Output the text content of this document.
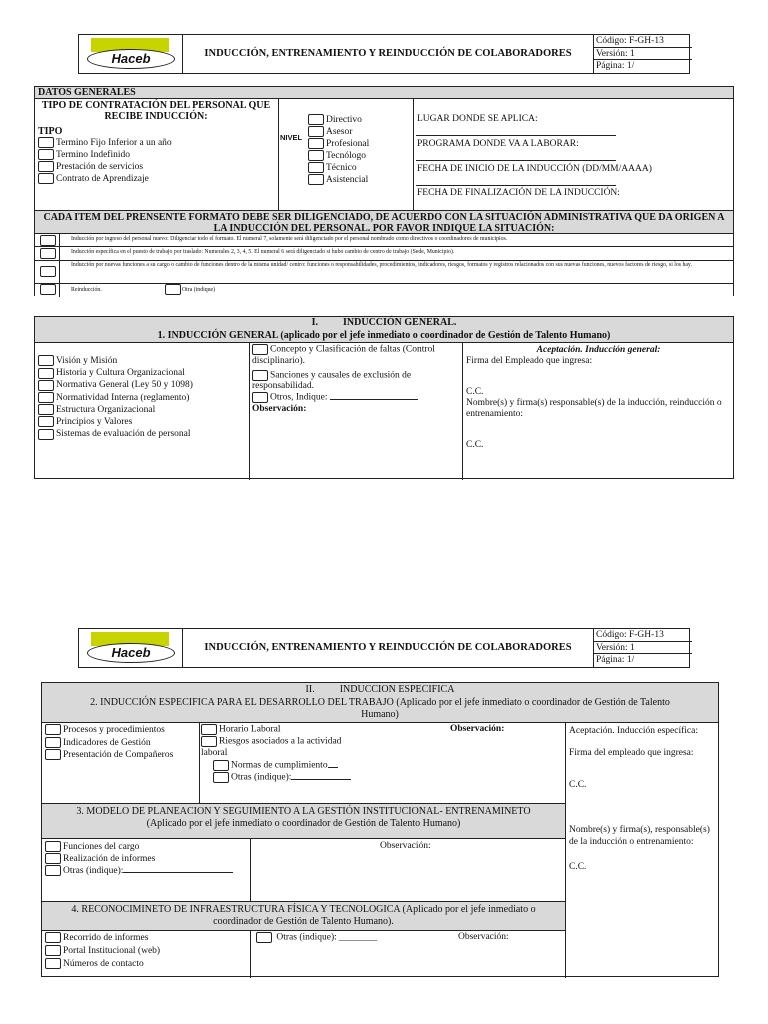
Haceb	INDUCCIÓN, ENTRENAMIENTO Y REINDUCCIÓN DE COLABORADORES
Código: F-GH-13
Versión: 1
Página: 1/
DATOS GENERALES
TIPO DE CONTRATACIÓN DEL PERSONAL QUE RECIBE INDUCCIÓN:
TIPO
Termino Fijo Inferior a un año
Termino Indefinido
Prestación de servicios
Contrato de Aprendizaje
NIVEL
Directivo
Asesor
Profesional
Tecnólogo
Técnico
Asistencial
LUGAR DONDE SE APLICA:
PROGRAMA DONDE VA A LABORAR:
FECHA DE INICIO DE LA INDUCCIÓN (DD/MM/AAAA)
FECHA DE FINALIZACIÓN DE LA INDUCCIÓN:
CADA ITEM DEL PRENSENTE FORMATO DEBE SER DILIGENCIADO, DE ACUERDO CON LA SITUACIÓN ADMINISTRATIVA QUE DA ORIGEN A LA INDUCCIÓN DEL PERSONAL. POR FAVOR INDIQUE LA SITUACIÓN:
Inducción por ingreso del personal nuevo: Diligenciar todo el formato. El numeral 7, solamente será diligenciado por el personal nombrado como directivos o coordinadores de municipios.
Inducción específica en el puesto de trabajo por traslado: Numerales 2, 3, 4, 5. El numeral 6 será diligenciado si hubo cambio de centro de trabajo (Sede, Municipio).
Inducción por nuevas funciones a su cargo o cambio de funciones dentro de la misma unidad/ centro: funciones o responsabilidades, procedimientos, indicadores, riesgos, formatos y registros relacionados con sus nuevas funciones, nuevos factores de riesgo, si los hay.
Reinducción.	Otra (indique)
I.	INDUCCIÓN GENERAL.
1. INDUCCIÓN GENERAL (aplicado por el jefe inmediato o coordinador de Gestión de Talento Humano)
Visión y Misión
Historia y Cultura Organizacional
Normativa General (Ley 50 y 1098)
Normatividad Interna (reglamento)
Estructura Organizacional
Principios y Valores
Sistemas de evaluación de personal
Concepto y Clasificación de faltas (Control disciplinario).
Sanciones y causales de exclusión de responsabilidad.
Otros, Indique:
Observación:
Aceptación. Inducción general:
Firma del Empleado que ingresa:
C.C.
Nombre(s) y firma(s) responsable(s) de la inducción, reinducción o entrenamiento:
C.C.
Haceb	INDUCCIÓN, ENTRENAMIENTO Y REINDUCCIÓN DE COLABORADORES
Código: F-GH-13
Versión: 1
Página: 1/
II.	INDUCCION ESPECIFICA
2. INDUCCIÓN ESPECIFICA PARA EL DESARROLLO DEL TRABAJO (Aplicado por el jefe inmediato o coordinador de Gestión de Talento Humano)
Procesos y procedimientos
Indicadores de Gestión
Presentación de Compañeros
Horario Laboral
Riesgos asociados a la actividad laboral
Normas de cumplimiento
Otras (indique):
Observación:
3. MODELO DE PLANEACION Y SEGUIMIENTO A LA GESTIÓN INSTITUCIONAL- ENTRENAMINETO (Aplicado por el jefe inmediato o coordinador de Gestión de Talento Humano)
Funciones del cargo
Realización de informes
Otras (indique):
Observación:
4. RECONOCIMINETO DE INFRAESTRUCTURA FÍSICA Y TECNOLOGICA (Aplicado por el jefe inmediato o coordinador de Gestión de Talento Humano).
Recorrido de informes
Portal Institucional (web)
Números de contacto
Otras (indique): ________	Observación:
Aceptación. Inducción específica:
Firma del empleado que ingresa:
C.C.
Nombre(s) y firma(s), responsable(s) de la inducción o entrenamiento:
C.C.
